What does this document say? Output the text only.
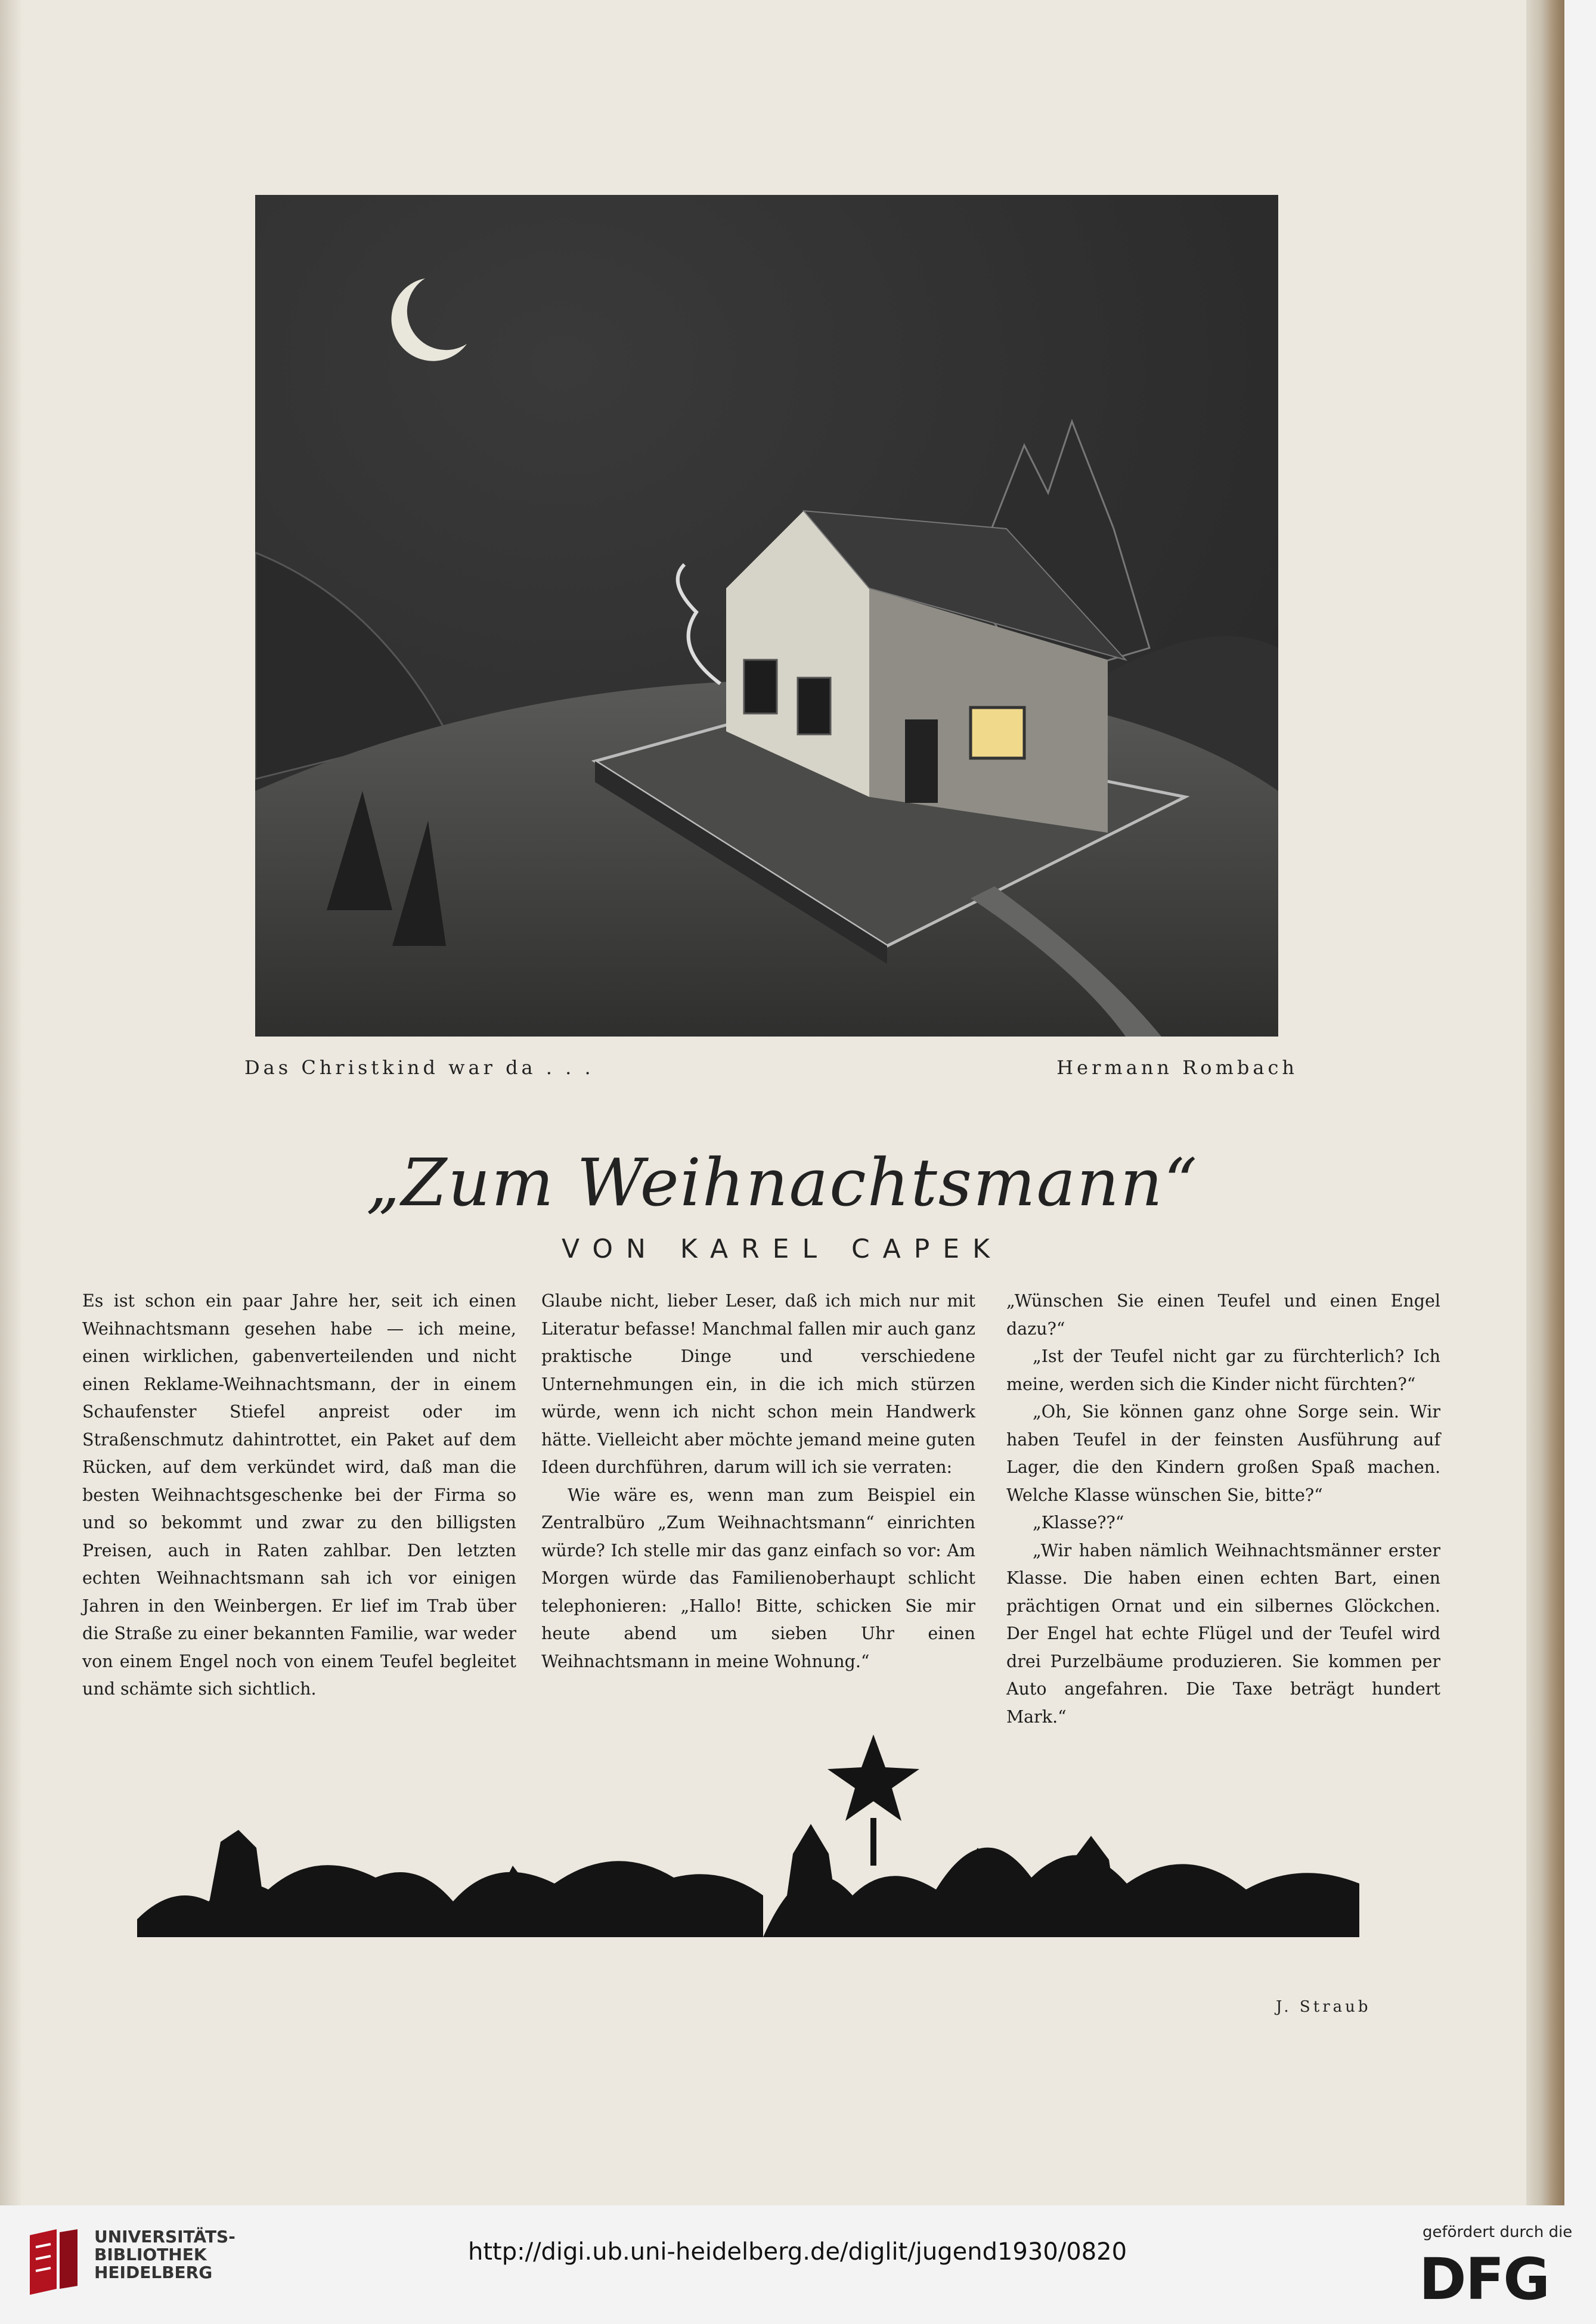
Das Christkind war da . . .	Hermann Rombach
„Zum Weihnachtsmann“
VON KAREL CAPEK

Es ist schon ein paar Jahre her, seit ich einen Weihnachtsmann gesehen habe — ich meine, einen wirklichen, gabenverteilenden und nicht einen Reklame-Weihnachtsmann, der in einem Schaufenster Stiefel anpreist oder im Straßenschmutz dahintrottet, ein Paket auf dem Rücken, auf dem verkündet wird, daß man die besten Weihnachtsgeschenke bei der Firma so und so bekommt und zwar zu den billigsten Preisen, auch in Raten zahlbar. Den letzten echten Weihnachtsmann sah ich vor einigen Jahren in den Weinbergen. Er lief im Trab über die Straße zu einer bekannten Familie, war weder von einem Engel noch von einem Teufel begleitet und schämte sich sichtlich.

Glaube nicht, lieber Leser, daß ich mich nur mit Literatur befasse! Manchmal fallen mir auch ganz praktische Dinge und verschiedene Unternehmungen ein, in die ich mich stürzen würde, wenn ich nicht schon mein Handwerk hätte. Vielleicht aber möchte jemand meine guten Ideen durchführen, darum will ich sie verraten:

Wie wäre es, wenn man zum Beispiel ein Zentralbüro „Zum Weihnachtsmann“ einrichten würde? Ich stelle mir das ganz einfach so vor: Am Morgen würde das Familienoberhaupt schlicht telephonieren: „Hallo! Bitte, schicken Sie mir heute abend um sieben Uhr einen Weihnachtsmann in meine Wohnung.“

„Wünschen Sie einen Teufel und einen Engel dazu?“

„Ist der Teufel nicht gar zu fürchterlich? Ich meine, werden sich die Kinder nicht fürchten?“

„Oh, Sie können ganz ohne Sorge sein. Wir haben Teufel in der feinsten Ausführung auf Lager, die den Kindern großen Spaß machen. Welche Klasse wünschen Sie, bitte?“

„Klasse??“

„Wir haben nämlich Weihnachtsmänner erster Klasse. Die haben einen echten Bart, einen prächtigen Ornat und ein silbernes Glöckchen. Der Engel hat echte Flügel und der Teufel wird drei Purzelbäume produzieren. Sie kommen per Auto angefahren. Die Taxe beträgt hundert Mark.“

J. Straub
UNIVERSITÄTS-
BIBLIOTHEK
HEIDELBERG
http://digi.ub.uni-heidelberg.de/diglit/jugend1930/0820
gefördert durch die
DFG
